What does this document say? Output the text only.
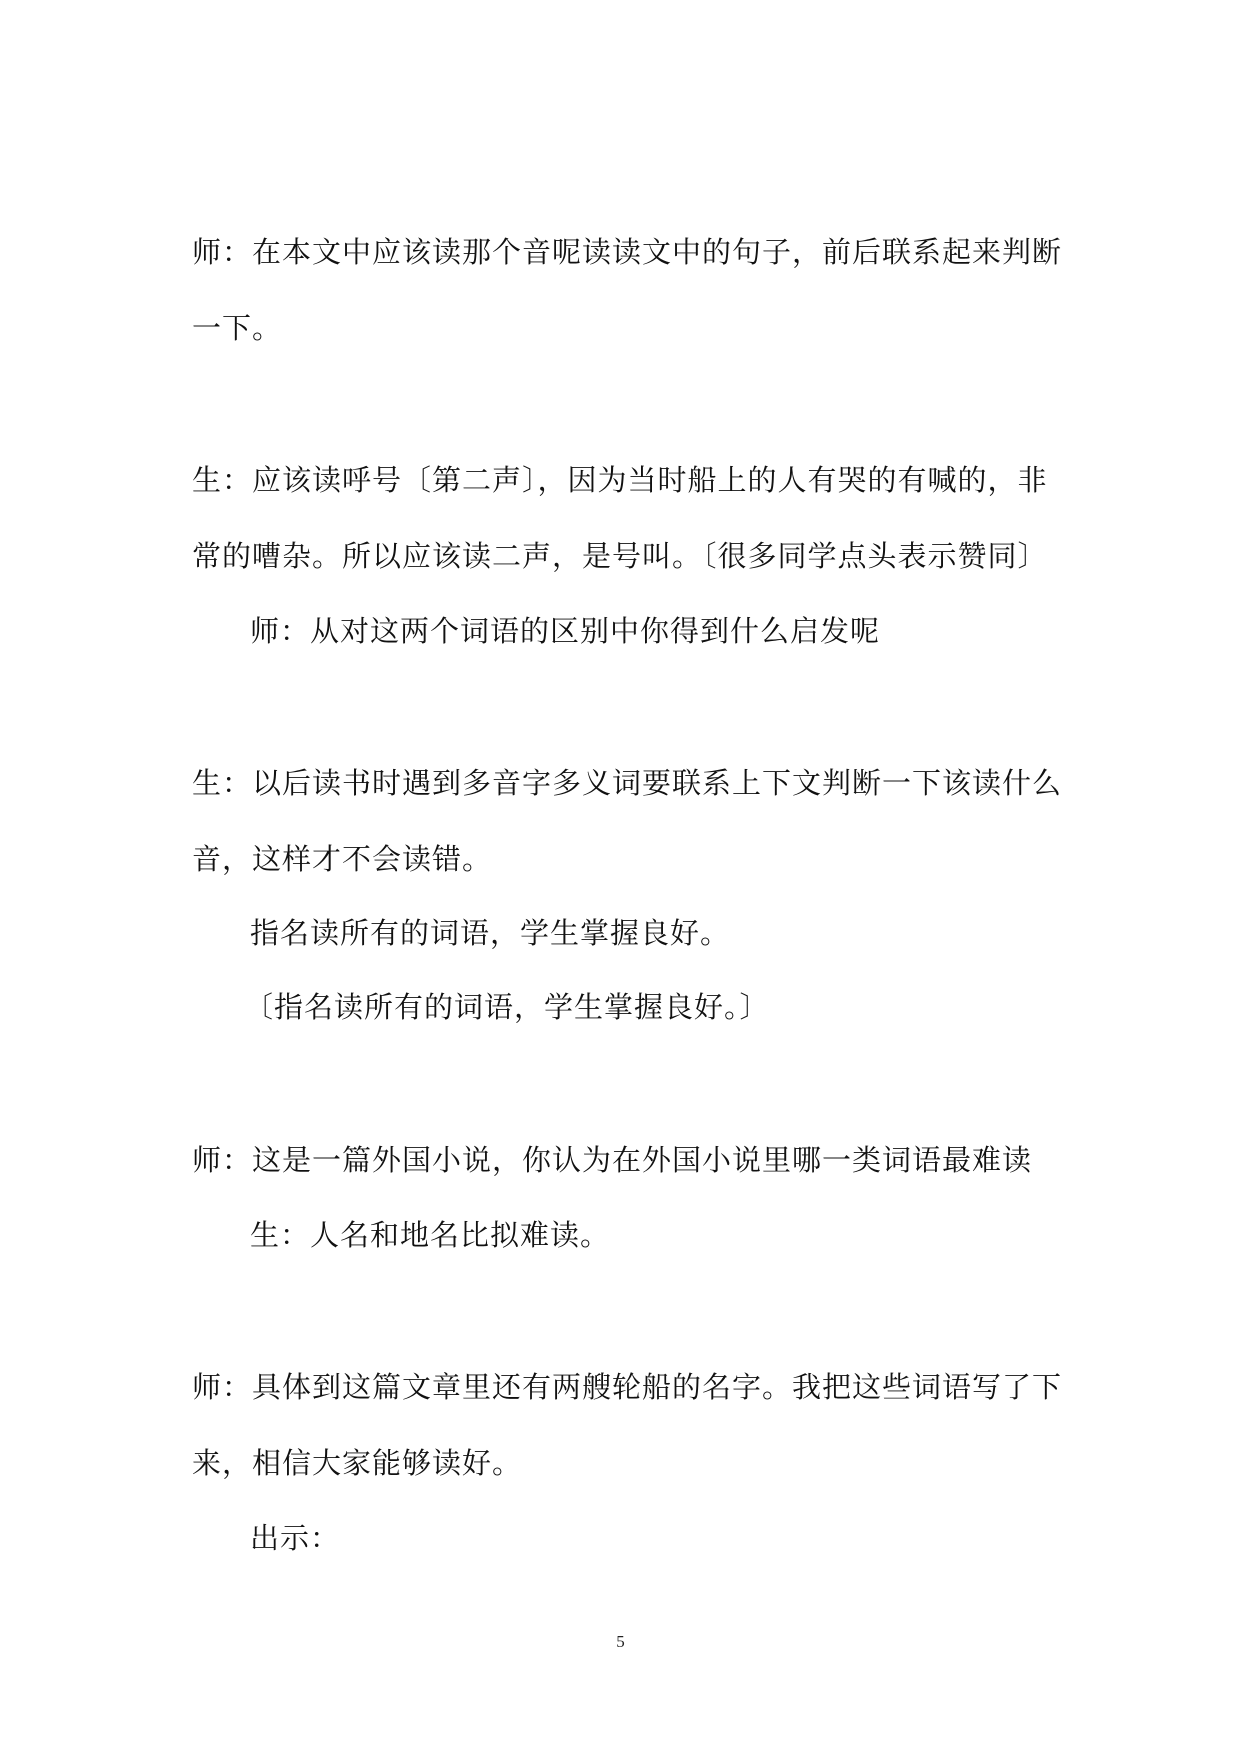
师：在本文中应该读那个音呢读读文中的句子，前后联系起来判断
一下。
生：应该读呼号〔第二声〕，因为当时船上的人有哭的有喊的，非
常的嘈杂。所以应该读二声，是号叫。〔很多同学点头表示赞同〕
师：从对这两个词语的区别中你得到什么启发呢
生：以后读书时遇到多音字多义词要联系上下文判断一下该读什么
音，这样才不会读错。
指名读所有的词语，学生掌握良好。
〔指名读所有的词语，学生掌握良好。〕
师：这是一篇外国小说，你认为在外国小说里哪一类词语最难读
生：人名和地名比拟难读。
师：具体到这篇文章里还有两艘轮船的名字。我把这些词语写了下
来，相信大家能够读好。
出示：
5
